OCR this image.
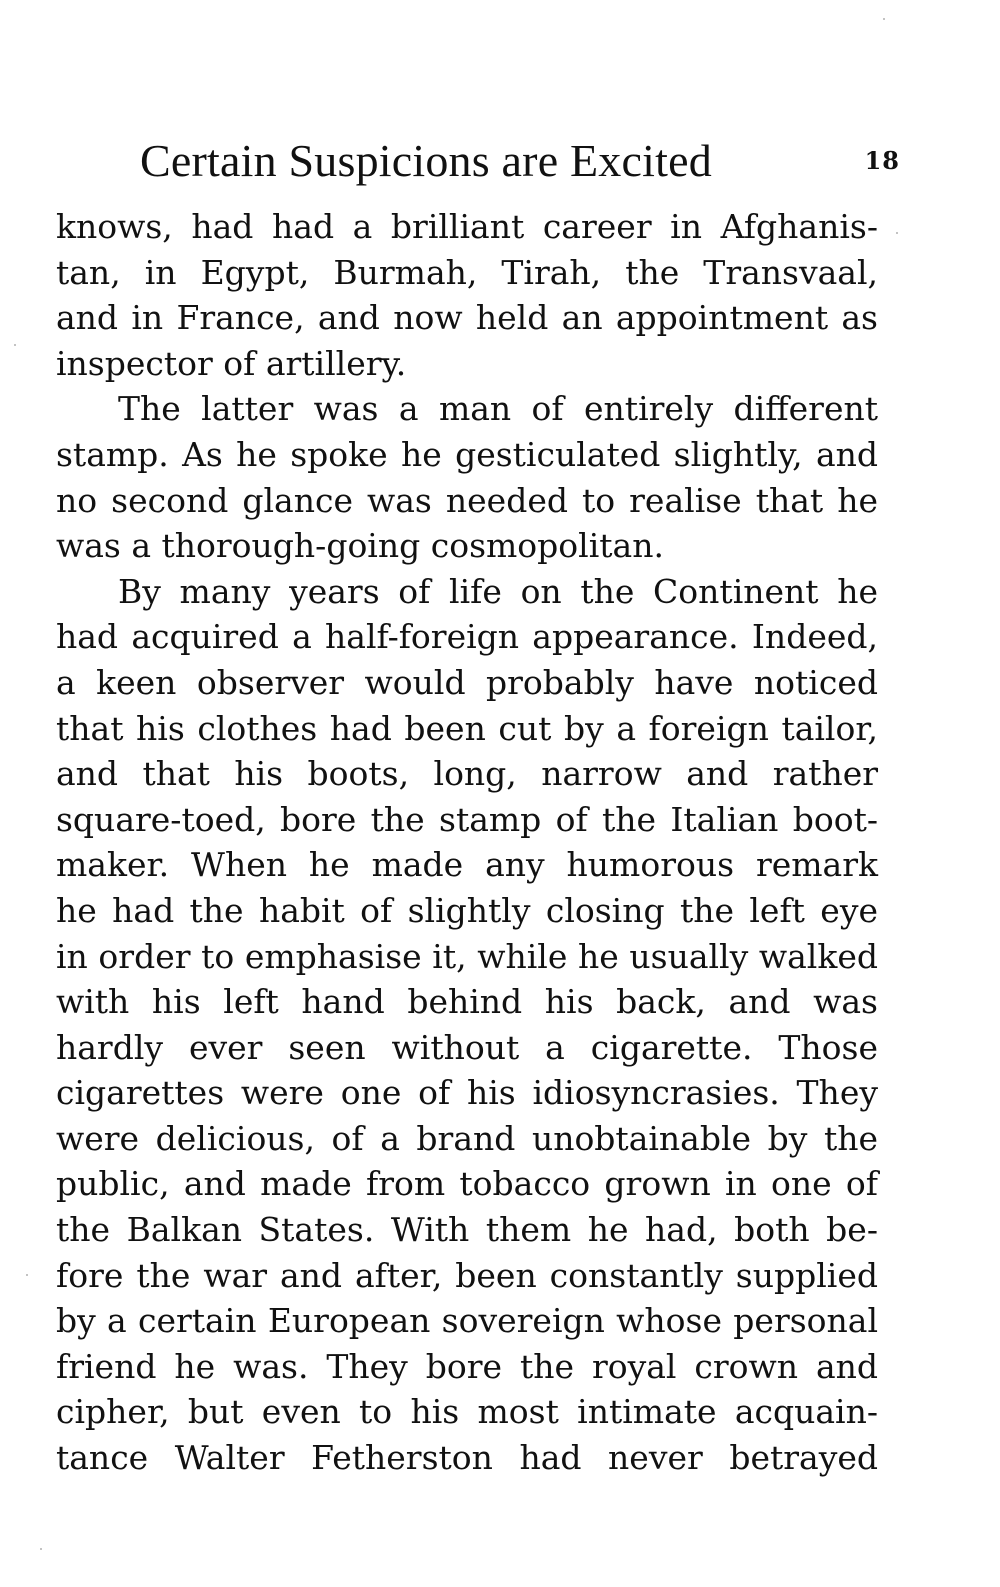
Certain Suspicions are Excited	18
knows, had had a brilliant career in Afghanis-
tan, in Egypt, Burmah, Tirah, the Transvaal,
and in France, and now held an appointment as
inspector of artillery.
The latter was a man of entirely different
stamp. As he spoke he gesticulated slightly, and
no second glance was needed to realise that he
was a thorough-going cosmopolitan.
By many years of life on the Continent he
had acquired a half-foreign appearance. Indeed,
a keen observer would probably have noticed
that his clothes had been cut by a foreign tailor,
and that his boots, long, narrow and rather
square-toed, bore the stamp of the Italian boot-
maker. When he made any humorous remark
he had the habit of slightly closing the left eye
in order to emphasise it, while he usually walked
with his left hand behind his back, and was
hardly ever seen without a cigarette. Those
cigarettes were one of his idiosyncrasies. They
were delicious, of a brand unobtainable by the
public, and made from tobacco grown in one of
the Balkan States. With them he had, both be-
fore the war and after, been constantly supplied
by a certain European sovereign whose personal
friend he was. They bore the royal crown and
cipher, but even to his most intimate acquain-
tance Walter Fetherston had never betrayed
